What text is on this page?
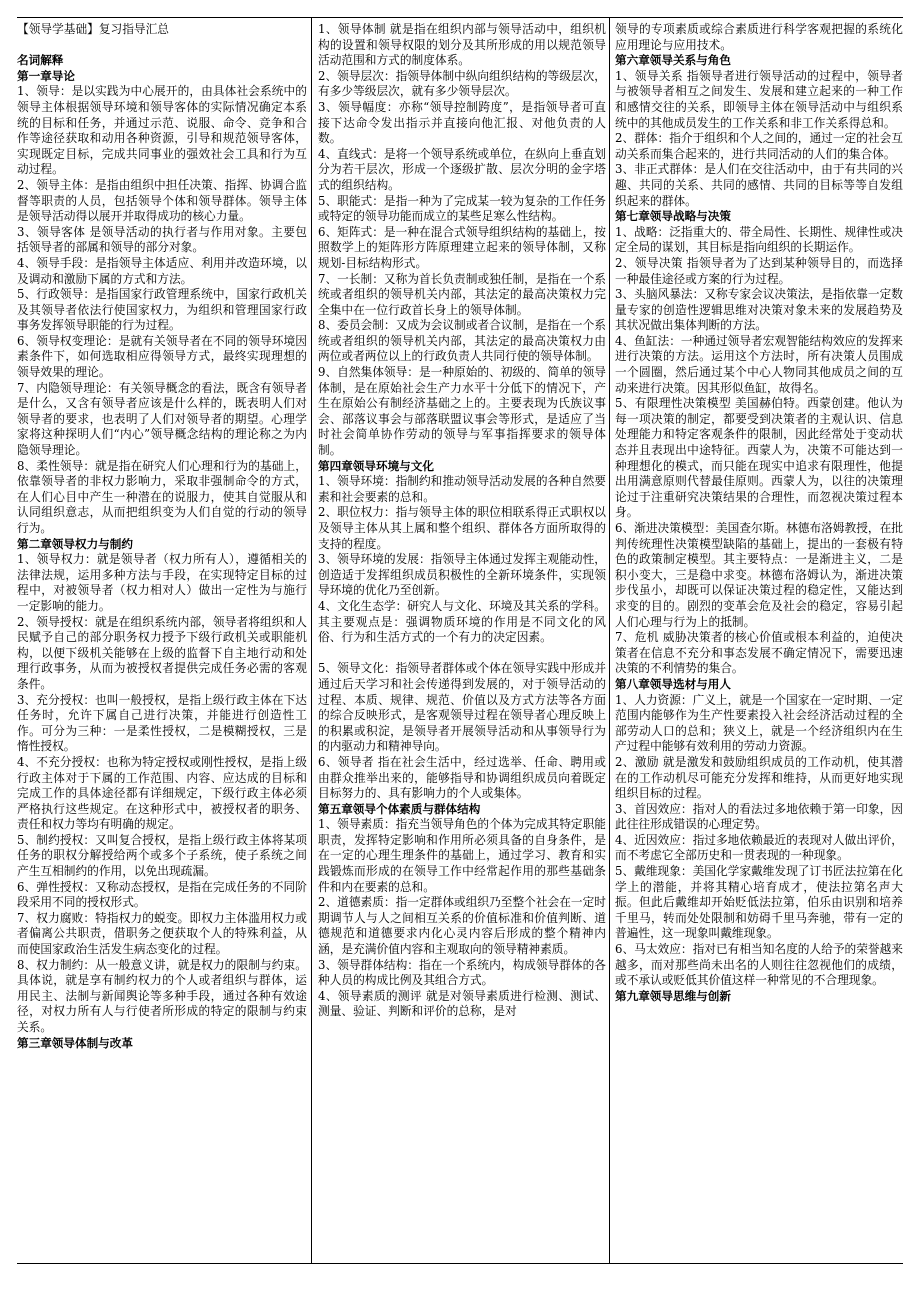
【领导学基础】复习指导汇总

名词解释

第一章导论

1、领导：是以实践为中心展开的，由具体社会系统中的领导主体根据领导环境和领导客体的实际情况确定本系统的目标和任务，并通过示范、说服、命令、竞争和合作等途径获取和动用各种资源，引导和规范领导客体，实现既定目标，完成共同事业的强效社会工具和行为互动过程。

2、领导主体：是指由组织中担任决策、指挥、协调合监督等职责的人员，包括领导个体和领导群体。领导主体是领导活动得以展开并取得成功的核心力量。

3、领导客体 是领导活动的执行者与作用对象。主要包括领导者的部属和领导的部分对象。

4、领导手段：是指领导主体适应、利用并改造环境，以及调动和激励下属的方式和方法。

5、行政领导：是指国家行政管理系统中，国家行政机关及其领导者依法行使国家权力，为组织和管理国家行政事务发挥领导职能的行为过程。

6、领导权变理论：是就有关领导者在不同的领导环境因素条件下，如何选取相应得领导方式，最终实现理想的领导效果的理论。

7、内隐领导理论：有关领导概念的看法，既含有领导者是什么，又含有领导者应该是什么样的，既表明人们对领导者的要求，也表明了人们对领导者的期望。心理学家将这种探明人们“内心”领导概念结构的理论称之为内隐领导理论。

8、柔性领导：就是指在研究人们心理和行为的基础上，依靠领导者的非权力影响力，采取非强制命令的方式，在人们心目中产生一种潜在的说服力，使其自觉服从和认同组织意志，从而把组织变为人们自觉的行动的领导行为。

第二章领导权力与制约

1、领导权力：就是领导者（权力所有人），遵循相关的法律法规，运用多种方法与手段，在实现特定目标的过程中，对被领导者（权力相对人）做出一定性为与施行一定影响的能力。

2、领导授权：就是在组织系统内部，领导者将组织和人民赋予自己的部分职务权力授予下级行政机关或职能机构，以便下级机关能够在上级的监督下自主地行动和处理行政事务，从而为被授权者提供完成任务必需的客观条件。

3、充分授权：也叫一般授权，是指上级行政主体在下达任务时，允许下属自己进行决策，并能进行创造性工作。可分为三种：一是柔性授权，二是模糊授权，三是惰性授权。

4、不充分授权：也称为特定授权或刚性授权，是指上级行政主体对于下属的工作范围、内容、应达成的目标和完成工作的具体途径都有详细规定，下级行政主体必须严格执行这些规定。在这种形式中，被授权者的职务、责任和权力等均有明确的规定。

5、制约授权：又叫复合授权，是指上级行政主体将某项任务的职权分解授给两个或多个子系统，使子系统之间产生互相制约的作用，以免出现疏漏。

6、弹性授权：又称动态授权，是指在完成任务的不同阶段采用不同的授权形式。

7、权力腐败：特指权力的蜕变。即权力主体滥用权力或者偏离公共职责，借职务之便获取个人的特殊利益，从而使国家政治生活发生病态变化的过程。

8、权力制约：从一般意义讲，就是权力的限制与约束。具体说，就是享有制约权力的个人或者组织与群体，运用民主、法制与新闻舆论等多种手段，通过各种有效途径，对权力所有人与行使者所形成的特定的限制与约束关系。

第三章领导体制与改革

1、领导体制 就是指在组织内部与领导活动中，组织机构的设置和领导权限的划分及其所形成的用以规范领导活动范围和方式的制度体系。

2、领导层次：指领导体制中纵向组织结构的等级层次，有多少等级层次，就有多少领导层次。

3、领导幅度：亦称“领导控制跨度”，是指领导者可直接下达命令发出指示并直接向他汇报、对他负责的人数。

4、直线式：是将一个领导系统或单位，在纵向上垂直划分为若干层次，形成一个逐级扩散、层次分明的金字塔式的组织结构。

5、职能式：是指一种为了完成某一较为复杂的工作任务或特定的领导功能而成立的某些足寒么性结构。

6、矩阵式：是一种在混合式领导组织结构的基础上，按照数学上的矩阵形方阵原理建立起来的领导体制，又称规划-目标结构形式。

7、一长制：又称为首长负责制或独任制，是指在一个系统或者组织的领导机关内部，其法定的最高决策权力完全集中在一位行政首长身上的领导体制。

8、委员会制：又成为会议制或者合议制，是指在一个系统或者组织的领导机关内部，其法定的最高决策权力由两位或者两位以上的行政负责人共同行使的领导体制。

9、自然集体领导：是一种原始的、初级的、简单的领导体制，是在原始社会生产力水平十分低下的情况下，产生在原始公有制经济基础之上的。主要表现为氏族议事会、部落议事会与部落联盟议事会等形式，是适应了当时社会简单协作劳动的领导与军事指挥要求的领导体制。

第四章领导环境与文化

1、领导环境：指制约和推动领导活动发展的各种自然要素和社会要素的总和。

2、职位权力：指与领导主体的职位相联系得正式职权以及领导主体从其上属和整个组织、群体各方面所取得的支持的程度。

3、领导环境的发展：指领导主体通过发挥主观能动性，创造适于发挥组织成员积极性的全新环境条件，实现领导环境的优化乃至创新。

4、文化生态学：研究人与文化、环境及其关系的学科。其主要观点是：强调物质环境的作用是不同文化的风俗、行为和生活方式的一个有力的决定因素。

5、领导文化：指领导者群体或个体在领导实践中形成并通过后天学习和社会传递得到发展的，对于领导活动的过程、本质、规律、规范、价值以及方式方法等各方面的综合反映形式，是客观领导过程在领导者心理反映上的积累或积淀，是领导者开展领导活动和从事领导行为的内驱动力和精神导向。

6、领导者 指在社会生活中，经过选举、任命、聘用或由群众推举出来的，能够指导和协调组织成员向着既定目标努力的、具有影响力的个人或集体。

第五章领导个体素质与群体结构

1、领导素质：指充当领导角色的个体为完成其特定职能职责，发挥特定影响和作用所必须具备的自身条件，是在一定的心理生理条件的基础上，通过学习、教育和实践锻炼而形成的在领导工作中经常起作用的那些基础条件和内在要素的总和。

2、道德素质：指一定群体或组织乃至整个社会在一定时期调节人与人之间相互关系的价值标准和价值判断、道德规范和道德要求内化心灵内容后形成的整个精神内涵，是充满价值内容和主观取向的领导精神素质。

3、领导群体结构：指在一个系统内，构成领导群体的各种人员的构成比例及其组合方式。

4、领导素质的测评 就是对领导素质进行检测、测试、测量、验证、判断和评价的总称，是对

领导的专项素质或综合素质进行科学客观把握的系统化应用理论与应用技术。

第六章领导关系与角色

1、领导关系 指领导者进行领导活动的过程中，领导者与被领导者相互之间发生、发展和建立起来的一种工作和感情交往的关系，即领导主体在领导活动中与组织系统中的其他成员发生的工作关系和非工作关系得总和。

2、群体：指介于组织和个人之间的，通过一定的社会互动关系而集合起来的，进行共同活动的人们的集合体。

3、非正式群体：是人们在交往活动中，由于有共同的兴趣、共同的关系、共同的感情、共同的目标等等自发组织起来的群体。

第七章领导战略与决策

1、战略：泛指重大的、带全局性、长期性、规律性或决定全局的谋划，其目标是指向组织的长期运作。

2、领导决策 指领导者为了达到某种领导目的，而选择一种最佳途径或方案的行为过程。

3、头脑风暴法：又称专家会议决策法，是指依靠一定数量专家的创造性逻辑思维对决策对象未来的发展趋势及其状况做出集体判断的方法。

4、鱼缸法：一种通过领导者宏观智能结构效应的发挥来进行决策的方法。运用这个方法时，所有决策人员围成一个圆圈，然后通过某个中心人物同其他成员之间的互动来进行决策。因其形似鱼缸，故得名。

5、有限理性决策模型 美国赫伯特。西蒙创建。他认为每一项决策的制定，都要受到决策者的主观认识、信息处理能力和特定客观条件的限制，因此经常处于变动状态并且表现出中途特征。西蒙人为，决策不可能达到一种理想化的模式，而只能在现实中追求有限理性，他提出用满意原则代替最佳原则。西蒙人为，以往的决策理论过于注重研究决策结果的合理性，而忽视决策过程本身。

6、渐进决策模型：美国查尔斯。林德布洛姆教授，在批判传统理性决策模型缺陷的基础上，提出的一套极有特色的政策制定模型。其主要特点：一是渐进主义，二是积小变大，三是稳中求变。林德布洛姆认为，渐进决策步伐虽小，却既可以保证决策过程的稳定性，又能达到求变的目的。剧烈的变革会危及社会的稳定，容易引起人们心理与行为上的抵制。

7、危机 威胁决策者的核心价值或根本利益的，迫使决策者在信息不充分和事态发展不确定情况下，需要迅速决策的不利情势的集合。

第八章领导选材与用人

1、人力资源：广义上，就是一个国家在一定时期、一定范围内能够作为生产性要素投入社会经济活动过程的全部劳动人口的总和；狭义上，就是一个经济组织内在生产过程中能够有效利用的劳动力资源。

2、激励 就是激发和鼓励组织成员的工作动机，使其潜在的工作动机尽可能充分发挥和维持，从而更好地实现组织目标的过程。

3、首因效应：指对人的看法过多地依赖于第一印象，因此往往形成错误的心理定势。

4、近因效应：指过多地依赖最近的表现对人做出评价，而不考虑它全部历史和一贯表现的一种现象。

5、戴维现象：美国化学家戴维发现了订书匠法拉第在化学上的潜能，并将其精心培育成才，使法拉第名声大振。但此后戴维却开始贬低法拉第，伯乐由识别和培养千里马，转而处处限制和妨碍千里马奔驰，带有一定的普遍性，这一现象叫戴维现象。

6、马太效应：指对已有相当知名度的人给予的荣誉越来越多，而对那些尚未出名的人则往往忽视他们的成绩，或不承认或贬低其价值这样一种常见的不合理现象。

第九章领导思维与创新
